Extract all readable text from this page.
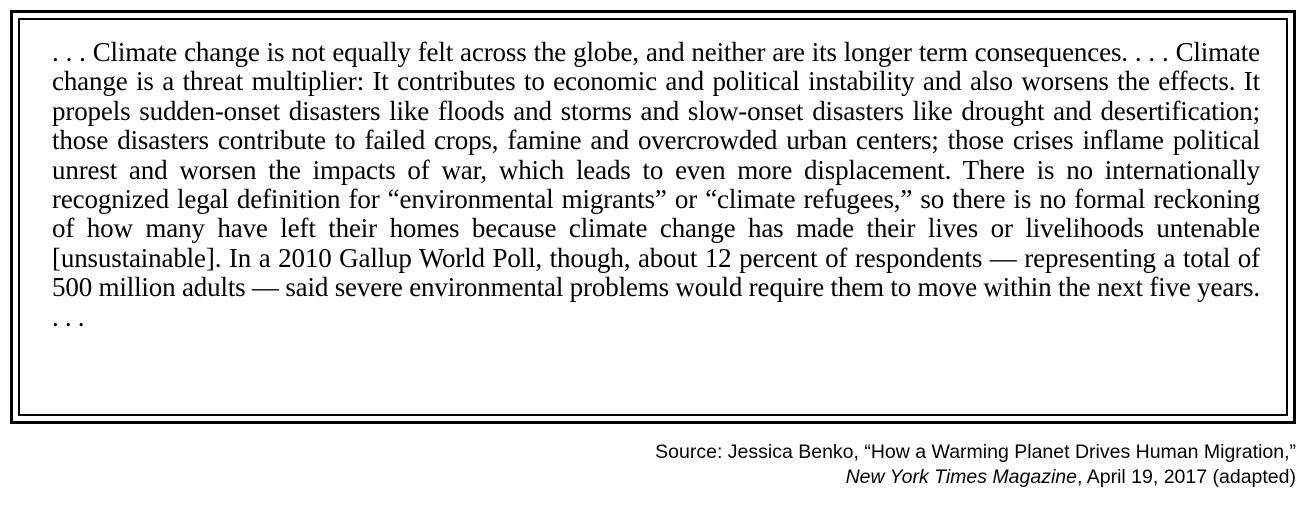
. . . Climate change is not equally felt across the globe, and neither are its longer term consequences. . . . Climate change is a threat multiplier: It contributes to economic and political instability and also worsens the effects. It propels sudden-onset disasters like floods and storms and slow-onset disasters like drought and desertification; those disasters contribute to failed crops, famine and overcrowded urban centers; those crises inflame political unrest and worsen the impacts of war, which leads to even more displacement. There is no internationally recognized legal definition for “environmental migrants” or “climate refugees,” so there is no formal reckoning of how many have left their homes because climate change has made their lives or livelihoods untenable [unsustainable]. In a 2010 Gallup World Poll, though, about 12 percent of respondents — representing a total of 500 million adults — said severe environmental problems would require them to move within the next five years. . . .

Source: Jessica Benko, “How a Warming Planet Drives Human Migration,”
New York Times Magazine, April 19, 2017 (adapted)
